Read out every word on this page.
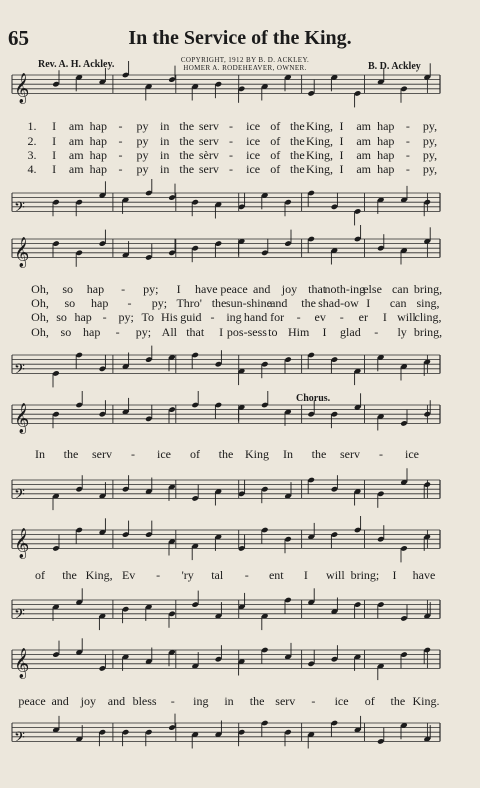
65	In the Service of the King.
COPYRIGHT, 1912 BY B. D. ACKLEY.
HOMER A. RODEHEAVER, OWNER.
Rev. A. H. Ackley.	B. D. Ackley
Chorus.
𝄞
𝄢
𝄞
𝄢
𝄞
𝄢
𝄞
𝄢
𝄞
𝄢
1. I am hap - py in the serv - ice of the King, I am hap - py,
2. I am hap - py in the serv - ice of the King, I am hap - py,
3. I am hap - py in the sèrv - ice of the King, I am hap - py,
4. I am hap - py in the serv - ice of the King, I am hap - py,
Oh, so hap - py; I have peace and joy that
noth-ing
else can bring,
Oh, so hap - py; Thro' the sun-shine
and the shad-ow I can sing,
Oh, so hap - py; To His guid - ing hand for - ev - er I will
cling,
Oh, so hap - py; All that I pos-sess to Him I glad - ly bring,
In the serv - ice of the King In the serv - ice
of the King, Ev - 'ry tal - ent I will bring; I have
peace and joy and bless - ing in the serv - ice of the King.
